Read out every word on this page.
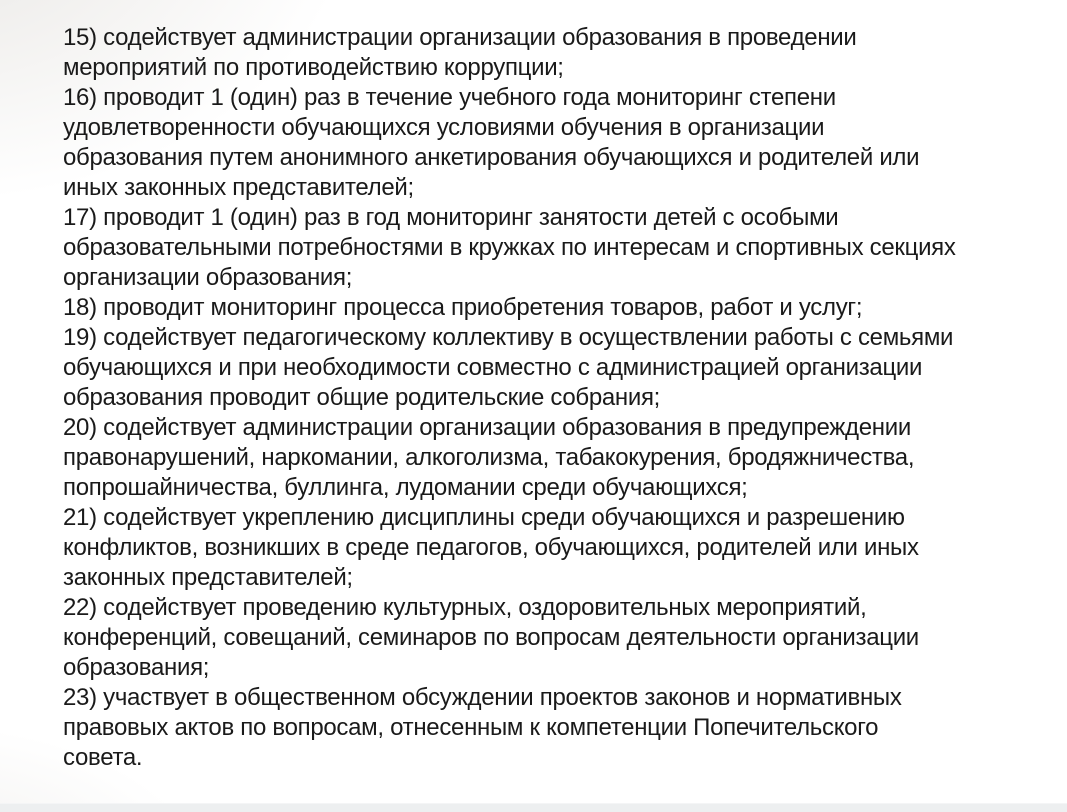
15) содействует администрации организации образования в проведении
мероприятий по противодействию коррупции;
16) проводит 1 (один) раз в течение учебного года мониторинг степени
удовлетворенности обучающихся условиями обучения в организации
образования путем анонимного анкетирования обучающихся и родителей или
иных законных представителей;
17) проводит 1 (один) раз в год мониторинг занятости детей с особыми
образовательными потребностями в кружках по интересам и спортивных секциях
организации образования;
18) проводит мониторинг процесса приобретения товаров, работ и услуг;
19) содействует педагогическому коллективу в осуществлении работы с семьями
обучающихся и при необходимости совместно с администрацией организации
образования проводит общие родительские собрания;
20) содействует администрации организации образования в предупреждении
правонарушений, наркомании, алкоголизма, табакокурения, бродяжничества,
попрошайничества, буллинга, лудомании среди обучающихся;
21) содействует укреплению дисциплины среди обучающихся и разрешению
конфликтов, возникших в среде педагогов, обучающихся, родителей или иных
законных представителей;
22) содействует проведению культурных, оздоровительных мероприятий,
конференций, совещаний, семинаров по вопросам деятельности организации
образования;
23) участвует в общественном обсуждении проектов законов и нормативных
правовых актов по вопросам, отнесенным к компетенции Попечительского
совета.
